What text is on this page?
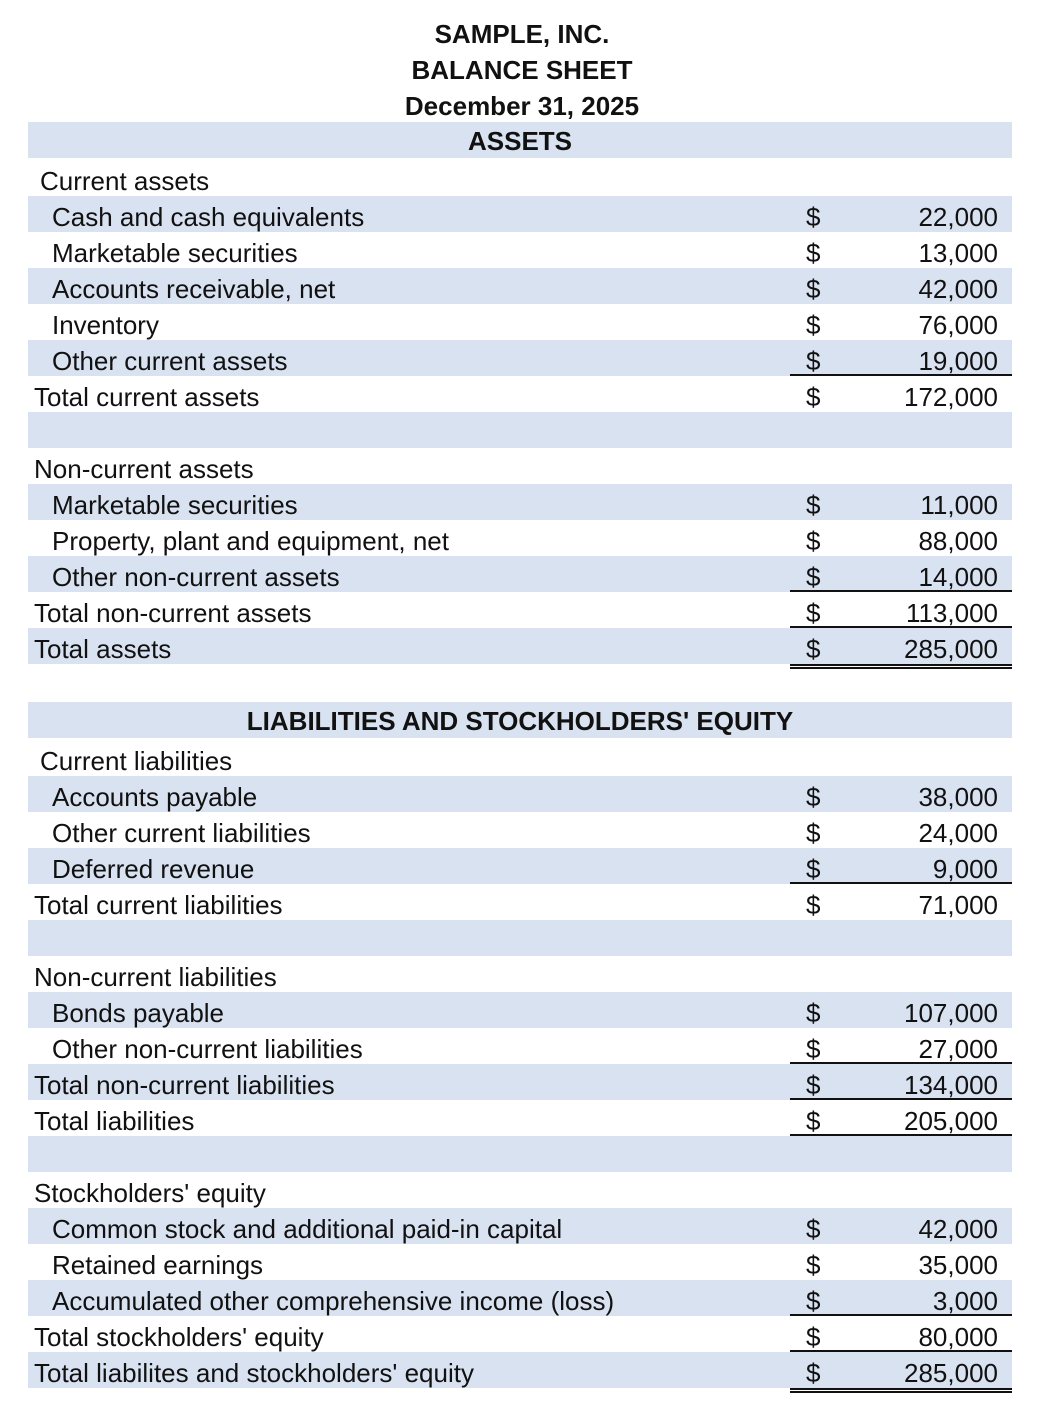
SAMPLE, INC.
BALANCE SHEET
December 31, 2025
ASSETS
Current assets
Cash and cash equivalents	$	22,000
Marketable securities	$	13,000
Accounts receivable, net	$	42,000
Inventory	$	76,000
Other current assets	$	19,000
Total current assets	$	172,000
Non-current assets
Marketable securities	$	11,000
Property, plant and equipment, net	$	88,000
Other non-current assets	$	14,000
Total non-current assets	$	113,000
Total assets	$	285,000
LIABILITIES AND STOCKHOLDERS' EQUITY
Current liabilities
Accounts payable	$	38,000
Other current liabilities	$	24,000
Deferred revenue	$	9,000
Total current liabilities	$	71,000
Non-current liabilities
Bonds payable	$	107,000
Other non-current liabilities	$	27,000
Total non-current liabilities	$	134,000
Total liabilities	$	205,000
Stockholders' equity
Common stock and additional paid-in capital	$	42,000
Retained earnings	$	35,000
Accumulated other comprehensive income (loss)	$	3,000
Total stockholders' equity	$	80,000
Total liabilites and stockholders' equity	$	285,000
